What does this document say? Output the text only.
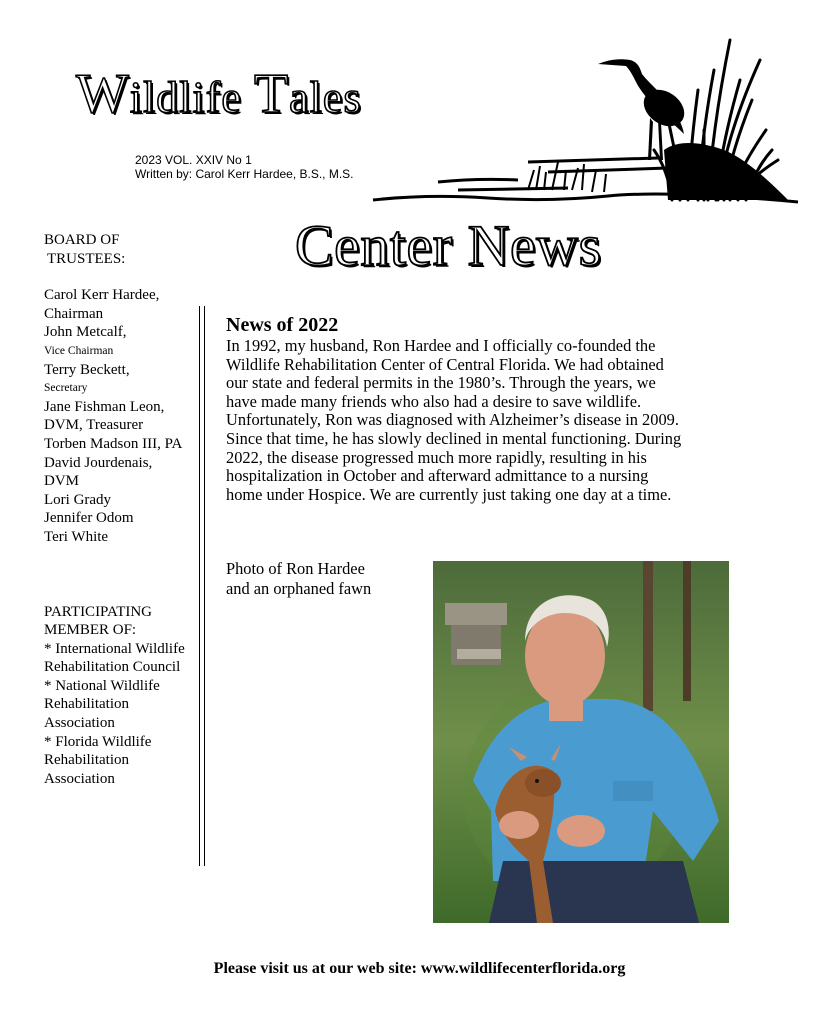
Wildlife Tales
2023 VOL. XXIV No 1
Written by: Carol Kerr Hardee, B.S., M.S.
Center News
BOARD OF
TRUSTEES:
Carol Kerr Hardee,
Chairman
John Metcalf,
Vice Chairman
Terry Beckett,
Secretary
Jane Fishman Leon,
DVM, Treasurer
Torben Madson III, PA
David Jourdenais,
DVM
Lori Grady
Jennifer Odom
Teri White
PARTICIPATING
MEMBER OF:
* International Wildlife
Rehabilitation Council
* National Wildlife
Rehabilitation
Association
* Florida Wildlife
Rehabilitation
Association
News of 2022

In 1992, my husband, Ron Hardee and I officially co-founded the

Wildlife Rehabilitation Center of Central Florida. We had obtained

our state and federal permits in the 1980’s. Through the years, we

have made many friends who also had a desire to save wildlife.

Unfortunately, Ron was diagnosed with Alzheimer’s disease in 2009.

Since that time, he has slowly declined in mental functioning. During

2022, the disease progressed much more rapidly, resulting in his

hospitalization in October and afterward admittance to a nursing

home under Hospice. We are currently just taking one day at a time.

Photo of Ron Hardee
and an orphaned fawn
Please visit us at our web site: www.wildlifecenterflorida.org
